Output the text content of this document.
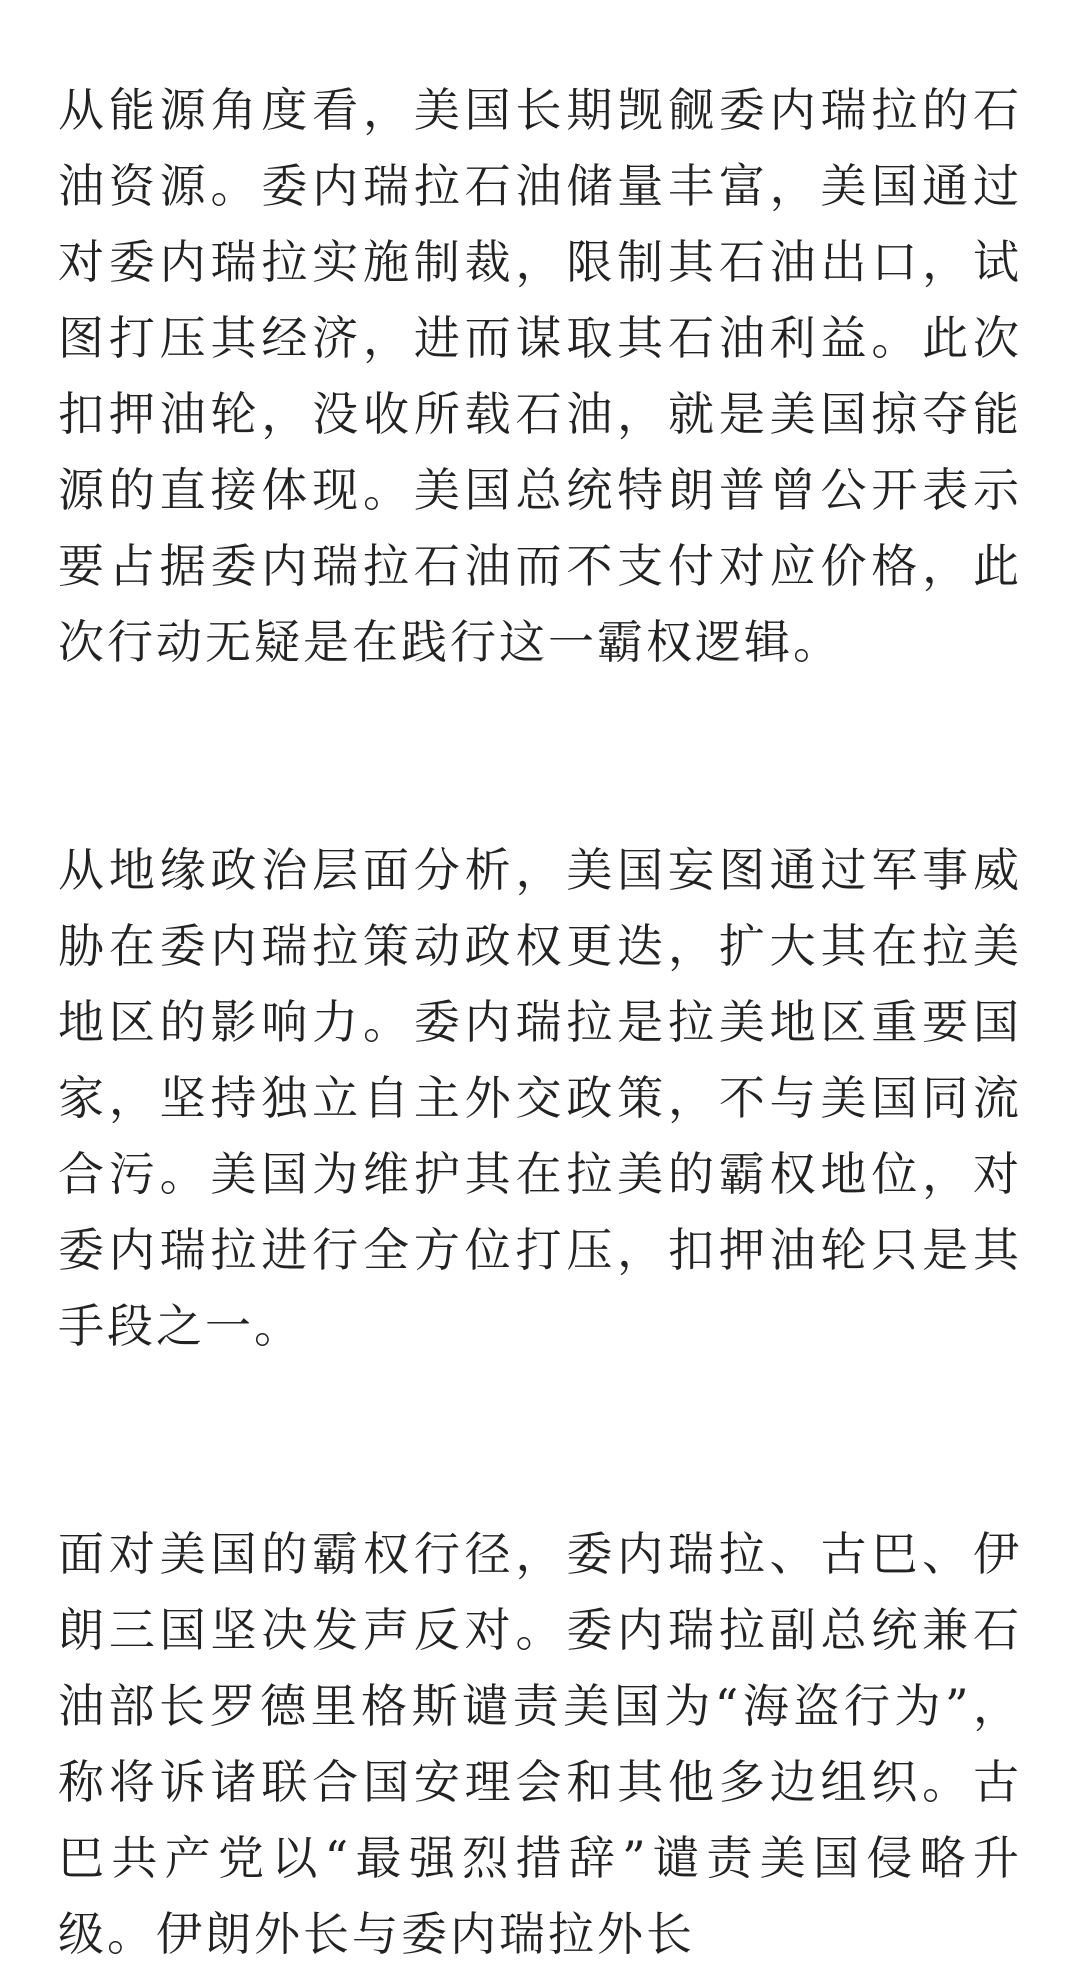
从能源角度看，美国长期觊觎委内瑞拉的石油资源。委内瑞拉石油储量丰富，美国通过对委内瑞拉实施制裁，限制其石油出口，试图打压其经济，进而谋取其石油利益。此次扣押油轮，没收所载石油，就是美国掠夺能源的直接体现。美国总统特朗普曾公开表示要占据委内瑞拉石油而不支付对应价格，此次行动无疑是在践行这一霸权逻辑。

从地缘政治层面分析，美国妄图通过军事威胁在委内瑞拉策动政权更迭，扩大其在拉美地区的影响力。委内瑞拉是拉美地区重要国家，坚持独立自主外交政策，不与美国同流合污。美国为维护其在拉美的霸权地位，对委内瑞拉进行全方位打压，扣押油轮只是其手段之一。

面对美国的霸权行径，委内瑞拉、古巴、伊朗三国坚决发声反对。委内瑞拉副总统兼石油部长罗德里格斯谴责美国为“海盗行为”，称将诉诸联合国安理会和其他多边组织。古巴共产党以“最强烈措辞”谴责美国侵略升级。伊朗外长与委内瑞拉外长
